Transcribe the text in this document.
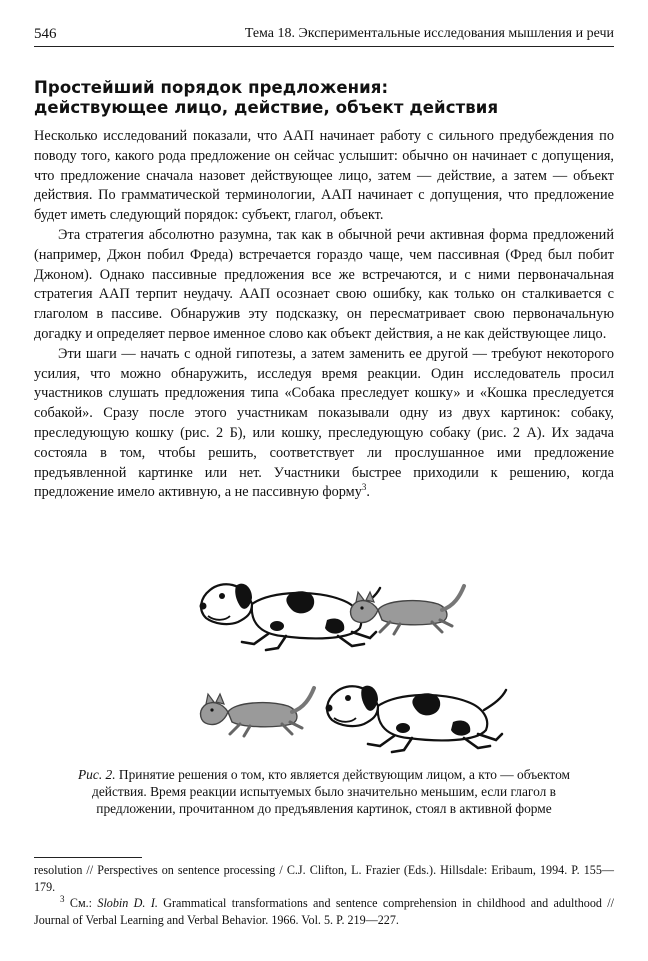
546	Тема 18. Экспериментальные исследования мышления и речи
Простейший порядок предложения:
действующее лицо, действие, объект действия

Несколько исследований показали, что ААП начинает работу с сильного предубеждения по поводу того, какого рода предложение он сейчас услышит: обычно он начинает с допущения, что предложение сначала назовет действующее лицо, затем — действие, а затем — объект действия. По грамматической терминологии, ААП начинает с допущения, что предложение будет иметь следующий порядок: субъект, глагол, объект.

Эта стратегия абсолютно разумна, так как в обычной речи активная форма предложений (например, Джон побил Фреда) встречается гораздо чаще, чем пассивная (Фред был побит Джоном). Однако пассивные предложения все же встречаются, и с ними первоначальная стратегия ААП терпит неудачу. ААП осознает свою ошибку, как только он сталкивается с глаголом в пассиве. Обнаружив эту подсказку, он пересматривает свою первоначальную догадку и определяет первое именное слово как объект действия, а не как действующее лицо.

Эти шаги — начать с одной гипотезы, а затем заменить ее другой — требуют некоторого усилия, что можно обнаружить, исследуя время реакции. Один исследователь просил участников слушать предложения типа «Собака преследует кошку» и «Кошка преследуется собакой». Сразу после этого участникам показывали одну из двух картинок: собаку, преследующую кошку (рис. 2 Б), или кошку, преследующую собаку (рис. 2 А). Их задача состояла в том, чтобы решить, соответствует ли прослушанное ими предложение предъявленной картинке или нет. Участники быстрее приходили к решению, когда предложение имело активную, а не пассивную форму$^3$.

Рис. 2. Принятие решения о том, кто является действующим лицом, а кто — объектом действия. Время реакции испытуемых было значительно меньшим, если глагол в предложении, прочитанном до предъявления картинок, стоял в активной форме

resolution // Perspectives on sentence processing / C.J. Clifton, L. Frazier (Eds.). Hillsdale: Eribaum, 1994. P. 155—179.

$^3$ См.: Slobin D. I. Grammatical transformations and sentence comprehension in childhood and adulthood // Journal of Verbal Learning and Verbal Behavior. 1966. Vol. 5. P. 219—227.
